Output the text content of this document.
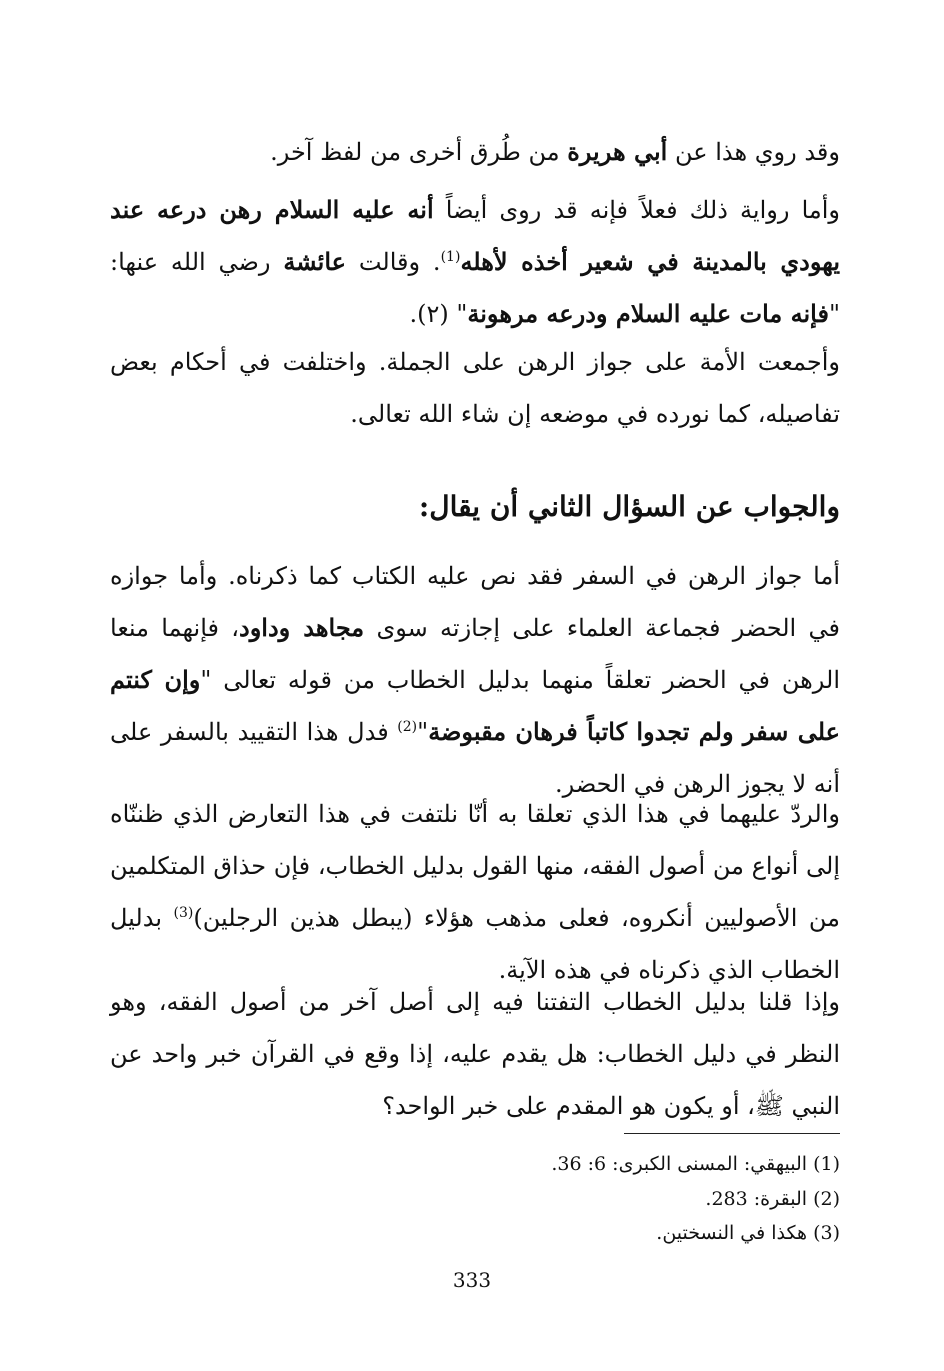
وقد روي هذا عن أبي هريرة من طُرق أخرى من لفظ آخر.

وأما رواية ذلك فعلاً فإنه قد روى أيضاً أنه عليه السلام رهن درعه عند يهودي بالمدينة في شعير أخذه لأهله$^{(1)}$. وقالت عائشة رضي الله عنها: "فإنه مات عليه السلام ودرعه مرهونة" (٢).

وأجمعت الأمة على جواز الرهن على الجملة. واختلفت في أحكام بعض تفاصيله، كما نورده في موضعه إن شاء الله تعالى.

والجواب عن السؤال الثاني أن يقال:

أما جواز الرهن في السفر فقد نص عليه الكتاب كما ذكرناه. وأما جوازه في الحضر فجماعة العلماء على إجازته سوى مجاهد وداود، فإنهما منعا الرهن في الحضر تعلقاً منهما بدليل الخطاب من قوله تعالى "وإن كنتم على سفر ولم تجدوا كاتباً فرهان مقبوضة"$^{(2)}$ فدل هذا التقييد بالسفر على أنه لا يجوز الرهن في الحضر.

والردّ عليهما في هذا الذي تعلقا به أنّا نلتفت في هذا التعارض الذي ظننّاه إلى أنواع من أصول الفقه، منها القول بدليل الخطاب، فإن حذاق المتكلمين من الأصوليين أنكروه، فعلى مذهب هؤلاء (يبطل هذين الرجلين)$^{(3)}$ بدليل الخطاب الذي ذكرناه في هذه الآية.

وإذا قلنا بدليل الخطاب التفتنا فيه إلى أصل آخر من أصول الفقه، وهو النظر في دليل الخطاب: هل يقدم عليه، إذا وقع في القرآن خبر واحد عن النبي ﷺ، أو يكون هو المقدم على خبر الواحد؟

(1) البيهقي: المسنى الكبرى: 6: 36.

(2) البقرة: 283.

(3) هكذا في النسختين.

333
